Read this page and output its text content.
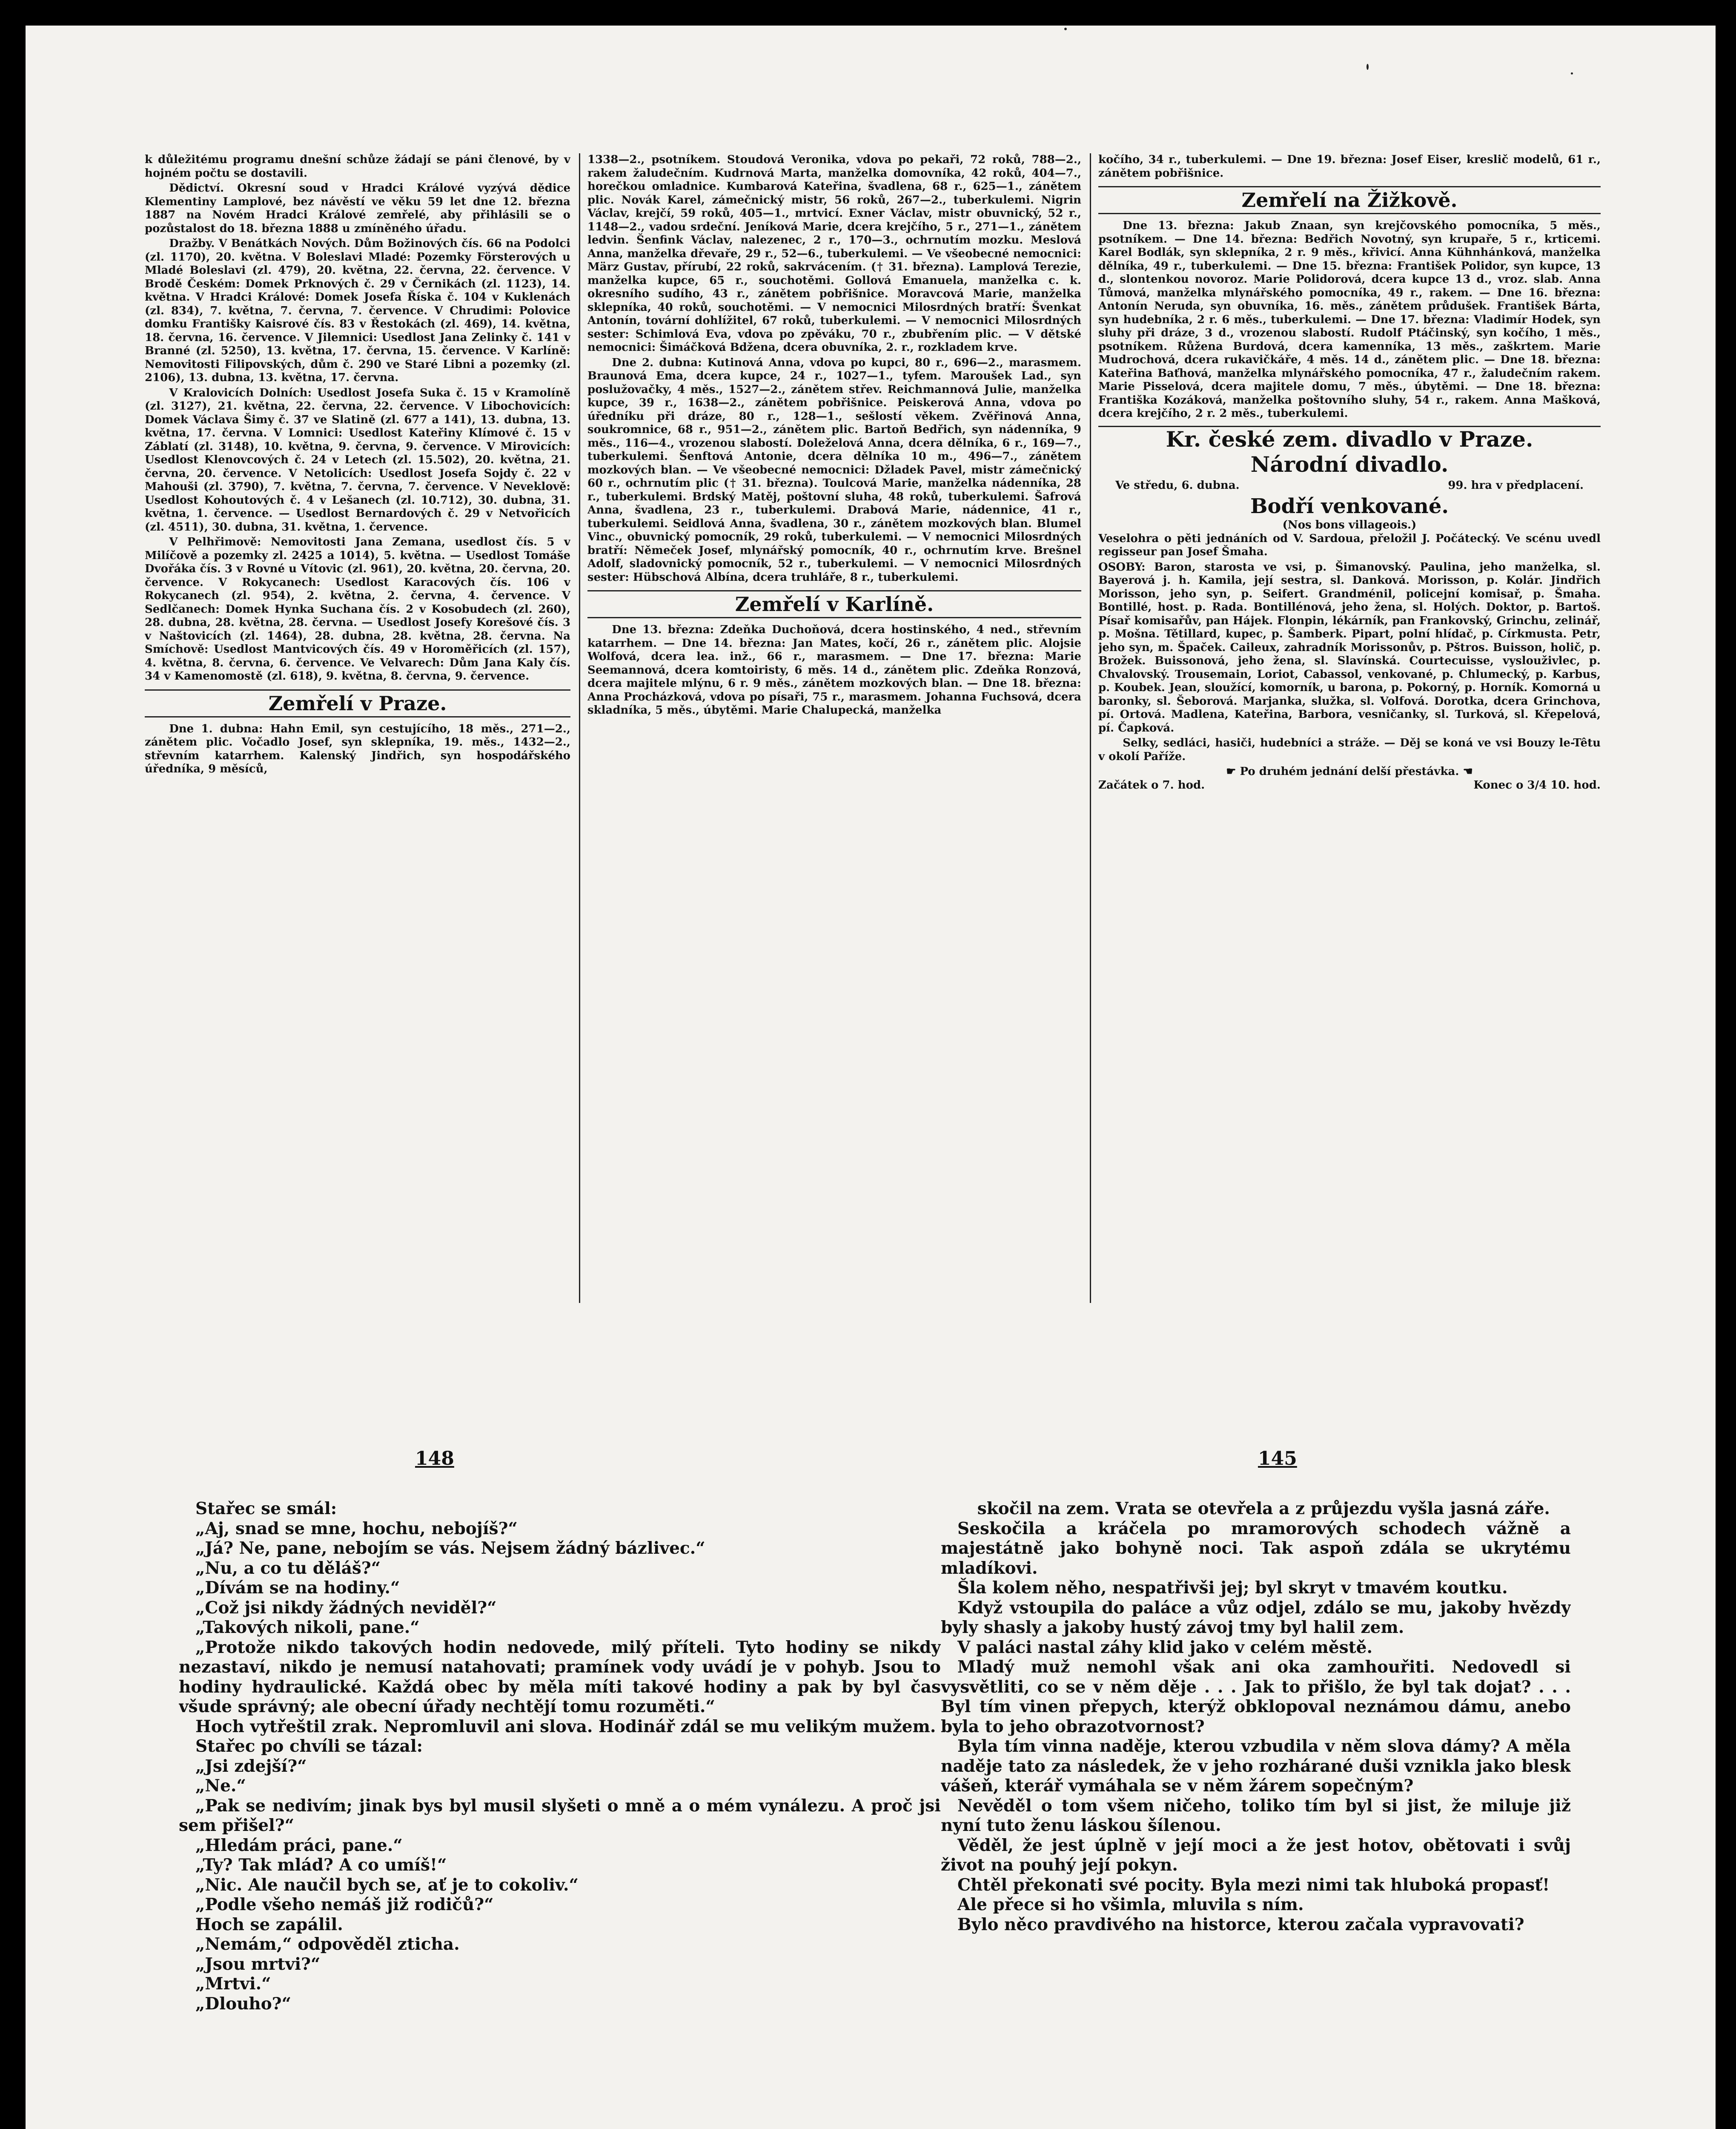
k důležitému programu dnešní schůze žádají se páni členové, by v hojném počtu se dostavili.

Dědictví. Okresní soud v Hradci Králové vyzývá dědice Klementiny Lamplové, bez návěstí ve věku 59 let dne 12. března 1887 na Novém Hradci Králové zemřelé, aby přihlásili se o pozůstalost do 18. března 1888 u zmíněného úřadu.

Dražby. V Benátkách Nových. Dům Božinových čís. 66 na Podolci (zl. 1170), 20. května. V Boleslavi Mladé: Pozemky Försterových u Mladé Boleslavi (zl. 479), 20. května, 22. června, 22. července. V Brodě Českém: Domek Prknových č. 29 v Černikách (zl. 1123), 14. května. V Hradci Králové: Domek Josefa Říska č. 104 v Kuklenách (zl. 834), 7. května, 7. června, 7. července. V Chrudimi: Polovice domku Františky Kaisrové čís. 83 v Řestokách (zl. 469), 14. května, 18. června, 16. července. V Jilemnici: Usedlost Jana Zelinky č. 141 v Branné (zl. 5250), 13. května, 17. června, 15. července. V Karlíně: Nemovitosti Filipovských, dům č. 290 ve Staré Libni a pozemky (zl. 2106), 13. dubna, 13. května, 17. června.

V Kralovicích Dolních: Usedlost Josefa Suka č. 15 v Kramolíně (zl. 3127), 21. května, 22. června, 22. července. V Libochovicích: Domek Václava Šimy č. 37 ve Slatině (zl. 677 a 141), 13. dubna, 13. května, 17. června. V Lomnici: Usedlost Kateřiny Klímové č. 15 v Záblatí (zl. 3148), 10. května, 9. června, 9. července. V Mirovicích: Usedlost Klenovcových č. 24 v Letech (zl. 15.502), 20. května, 21. června, 20. července. V Netolicích: Usedlost Josefa Sojdy č. 22 v Mahouši (zl. 3790), 7. května, 7. června, 7. července. V Neveklově: Usedlost Kohoutových č. 4 v Lešanech (zl. 10.712), 30. dubna, 31. května, 1. července. — Usedlost Bernardových č. 29 v Netvořicích (zl. 4511), 30. dubna, 31. května, 1. července.

V Pelhřimově: Nemovitosti Jana Zemana, usedlost čís. 5 v Milíčově a pozemky zl. 2425 a 1014), 5. května. — Usedlost Tomáše Dvořáka čís. 3 v Rovné u Vítovic (zl. 961), 20. května, 20. června, 20. července. V Rokycanech: Usedlost Karacových čís. 106 v Rokycanech (zl. 954), 2. května, 2. června, 4. července. V Sedlčanech: Domek Hynka Suchana čís. 2 v Kosobudech (zl. 260), 28. dubna, 28. května, 28. června. — Usedlost Josefy Korešové čís. 3 v Naštovicích (zl. 1464), 28. dubna, 28. května, 28. června. Na Smíchově: Usedlost Mantvicových čís. 49 v Horoměřicích (zl. 157), 4. května, 8. června, 6. července. Ve Velvarech: Dům Jana Kaly čís. 34 v Kamenomostě (zl. 618), 9. května, 8. června, 9. července.

Zemřelí v Praze.

Dne 1. dubna: Hahn Emil, syn cestujícího, 18 měs., 271—2., zánětem plic. Vočadlo Josef, syn sklepníka, 19. měs., 1432—2., střevním katarrhem. Kalenský Jindřich, syn hospodářského úředníka, 9 měsíců,

1338—2., psotníkem. Stoudová Veronika, vdova po pekaři, 72 roků, 788—2., rakem žaludečním. Kudrnová Marta, manželka domovníka, 42 roků, 404—7., horečkou omladnice. Kumbarová Kateřina, švadlena, 68 r., 625—1., zánětem plic. Novák Karel, zámečnický mistr, 56 roků, 267—2., tuberkulemi. Nigrin Václav, krejčí, 59 roků, 405—1., mrtvicí. Exner Václav, mistr obuvnický, 52 r., 1148—2., vadou srdeční. Jeníková Marie, dcera krejčího, 5 r., 271—1., zánětem ledvin. Šenfink Václav, nalezenec, 2 r., 170—3., ochrnutím mozku. Meslová Anna, manželka dřevaře, 29 r., 52—6., tuberkulemi. — Ve všeobecné nemocnici: März Gustav, přírubí, 22 roků, sakrvácením. († 31. března). Lamplová Terezie, manželka kupce, 65 r., souchotěmi. Gollová Emanuela, manželka c. k. okresního sudího, 43 r., zánětem pobřišnice. Moravcová Marie, manželka sklepníka, 40 roků, souchotěmi. — V nemocnici Milosrdných bratří: Švenkat Antonín, tovární dohlížitel, 67 roků, tuberkulemi. — V nemocnici Milosrdných sester: Schimlová Eva, vdova po zpěváku, 70 r., zbubřením plic. — V dětské nemocnici: Šimáčková Bdžena, dcera obuvníka, 2. r., rozkladem krve.

Dne 2. dubna: Kutinová Anna, vdova po kupci, 80 r., 696—2., marasmem. Braunová Ema, dcera kupce, 24 r., 1027—1., tyfem. Maroušek Lad., syn poslužovačky, 4 měs., 1527—2., zánětem střev. Reichmannová Julie, manželka kupce, 39 r., 1638—2., zánětem pobřišnice. Peiskerová Anna, vdova po úředníku při dráze, 80 r., 128—1., sešlostí věkem. Zvěřinová Anna, soukromnice, 68 r., 951—2., zánětem plic. Bartoň Bedřich, syn nádenníka, 9 měs., 116—4., vrozenou slabostí. Doleželová Anna, dcera dělníka, 6 r., 169—7., tuberkulemi. Šenftová Antonie, dcera dělníka 10 m., 496—7., zánětem mozkových blan. — Ve všeobecné nemocnici: Džladek Pavel, mistr zámečnický 60 r., ochrnutím plic († 31. března). Toulcová Marie, manželka nádenníka, 28 r., tuberkulemi. Brdský Matěj, poštovní sluha, 48 roků, tuberkulemi. Šafrová Anna, švadlena, 23 r., tuberkulemi. Drabová Marie, nádennice, 41 r., tuberkulemi. Seidlová Anna, švadlena, 30 r., zánětem mozkových blan. Blumel Vinc., obuvnický pomocník, 29 roků, tuberkulemi. — V nemocnici Milosrdných bratří: Němeček Josef, mlynářský pomocník, 40 r., ochrnutím krve. Brešnel Adolf, sladovnický pomocník, 52 r., tuberkulemi. — V nemocnici Milosrdných sester: Hübschová Albína, dcera truhláře, 8 r., tuberkulemi.

Zemřelí v Karlíně.

Dne 13. března: Zdeňka Duchoňová, dcera hostinského, 4 ned., střevním katarrhem. — Dne 14. března: Jan Mates, kočí, 26 r., zánětem plic. Alojsie Wolfová, dcera lea. inž., 66 r., marasmem. — Dne 17. března: Marie Seemannová, dcera komtoiristy, 6 měs. 14 d., zánětem plic. Zdeňka Ronzová, dcera majitele mlýnu, 6 r. 9 měs., zánětem mozkových blan. — Dne 18. března: Anna Procházková, vdova po písaři, 75 r., marasmem. Johanna Fuchsová, dcera skladníka, 5 měs., úbytěmi. Marie Chalupecká, manželka

kočího, 34 r., tuberkulemi. — Dne 19. března: Josef Eiser, kreslič modelů, 61 r., zánětem pobřišnice.

Zemřelí na Žižkově.

Dne 13. března: Jakub Znaan, syn krejčovského pomocníka, 5 měs., psotníkem. — Dne 14. března: Bedřich Novotný, syn krupaře, 5 r., krticemi. Karel Bodlák, syn sklepníka, 2 r. 9 měs., křivicí. Anna Kühnhánková, manželka dělníka, 49 r., tuberkulemi. — Dne 15. března: František Polidor, syn kupce, 13 d., slontenkou novoroz. Marie Polidorová, dcera kupce 13 d., vroz. slab. Anna Tůmová, manželka mlynářského pomocníka, 49 r., rakem. — Dne 16. března: Antonín Neruda, syn obuvníka, 16. měs., zánětem průdušek. František Bárta, syn hudebníka, 2 r. 6 měs., tuberkulemi. — Dne 17. března: Vladimír Hodek, syn sluhy při dráze, 3 d., vrozenou slabostí. Rudolf Ptáčinský, syn kočího, 1 měs., psotníkem. Růžena Burdová, dcera kamenníka, 13 měs., zaškrtem. Marie Mudrochová, dcera rukavičkáře, 4 měs. 14 d., zánětem plic. — Dne 18. března: Kateřina Baťhová, manželka mlynářského pomocníka, 47 r., žaludečním rakem. Marie Pisselová, dcera majitele domu, 7 měs., úbytěmi. — Dne 18. března: Františka Kozáková, manželka poštovního sluhy, 54 r., rakem. Anna Mašková, dcera krejčího, 2 r. 2 měs., tuberkulemi.

Kr. české zem. divadlo v Praze.
Národní divadlo.
Ve středu, 6. dubna.	99. hra v předplacení.
Bodří venkované.
(Nos bons villageois.)

Veselohra o pěti jednáních od V. Sardoua, přeložil J. Počátecký. Ve scénu uvedl regisseur pan Josef Šmaha.

OSOBY: Baron, starosta ve vsi, p. Šimanovský. Paulina, jeho manželka, sl. Bayerová j. h. Kamila, její sestra, sl. Danková. Morisson, p. Kolár. Jindřich Morisson, jeho syn, p. Seifert. Grandménil, policejní komisař, p. Šmaha. Bontillé, host. p. Rada. Bontillénová, jeho žena, sl. Holých. Doktor, p. Bartoš. Písař komisařův, pan Hájek. Flonpin, lékárník, pan Frankovský, Grinchu, zelinář, p. Mošna. Tětillard, kupec, p. Šamberk. Pipart, polní hlídač, p. Církmusta. Petr, jeho syn, m. Špaček. Caileux, zahradník Morissonův, p. Pštros. Buisson, holič, p. Brožek. Buissonová, jeho žena, sl. Slavínská. Courtecuisse, vyslouživlec, p. Chvalovský. Trousemain, Loriot, Cabassol, venkované, p. Chlumecký, p. Karbus, p. Koubek. Jean, sloužící, komorník, u barona, p. Pokorný, p. Horník. Komorná u baronky, sl. Šeborová. Marjanka, služka, sl. Volfová. Dorotka, dcera Grinchova, pí. Ortová. Madlena, Kateřina, Barbora, vesničanky, sl. Turková, sl. Křepelová, pí. Čapková.

Selky, sedláci, hasiči, hudebníci a stráže. — Děj se koná ve vsi Bouzy le-Têtu v okolí Paříže.

☛ Po druhém jednání delší přestávka. ☚
Začátek o 7. hod.	Konec o 3/4 10. hod.
148	145

Stařec se smál:

„Aj, snad se mne, hochu, nebojíš?“

„Já? Ne, pane, nebojím se vás. Nejsem žádný bázlivec.“

„Nu, a co tu děláš?“

„Dívám se na hodiny.“

„Což jsi nikdy žádných neviděl?“

„Takových nikoli, pane.“

„Protože nikdo takových hodin nedovede, milý příteli. Tyto hodiny se nikdy nezastaví, nikdo je nemusí natahovati; pramínek vody uvádí je v pohyb. Jsou to hodiny hydraulické. Každá obec by měla míti takové hodiny a pak by byl čas všude správný; ale obecní úřady nechtějí tomu rozuměti.“

Hoch vytřeštil zrak. Nepromluvil ani slova. Hodinář zdál se mu velikým mužem.

Stařec po chvíli se tázal:

„Jsi zdejší?“

„Ne.“

„Pak se nedivím; jinak bys byl musil slyšeti o mně a o mém vynálezu. A proč jsi sem přišel?“

„Hledám práci, pane.“

„Ty? Tak mlád? A co umíš!“

„Nic. Ale naučil bych se, ať je to cokoliv.“

„Podle všeho nemáš již rodičů?“

Hoch se zapálil.

„Nemám,“ odpověděl zticha.

„Jsou mrtvi?“

„Mrtvi.“

„Dlouho?“

skočil na zem. Vrata se otevřela a z průjezdu vyšla jasná záře.

Seskočila a kráčela po mramorových schodech vážně a majestátně jako bohyně noci. Tak aspoň zdála se ukrytému mladíkovi.

Šla kolem něho, nespatřivši jej; byl skryt v tmavém koutku.

Když vstoupila do paláce a vůz odjel, zdálo se mu, jakoby hvězdy byly shasly a jakoby hustý závoj tmy byl halil zem.

V paláci nastal záhy klid jako v celém městě.

Mladý muž nemohl však ani oka zamhouřiti. Nedovedl si vysvětliti, co se v něm děje . . . Jak to přišlo, že byl tak dojat? . . . Byl tím vinen přepych, kterýž obklopoval neznámou dámu, anebo byla to jeho obrazotvornost?

Byla tím vinna naděje, kterou vzbudila v něm slova dámy? A měla naděje tato za následek, že v jeho rozhárané duši vznikla jako blesk vášeň, kterář vymáhala se v něm žárem sopečným?

Nevěděl o tom všem ničeho, toliko tím byl si jist, že miluje již nyní tuto ženu láskou šílenou.

Věděl, že jest úplně v její moci a že jest hotov, obětovati i svůj život na pouhý její pokyn.

Chtěl překonati své pocity. Byla mezi nimi tak hluboká propasť!

Ale přece si ho všimla, mluvila s ním.

Bylo něco pravdivého na historce, kterou začala vypravovati?
